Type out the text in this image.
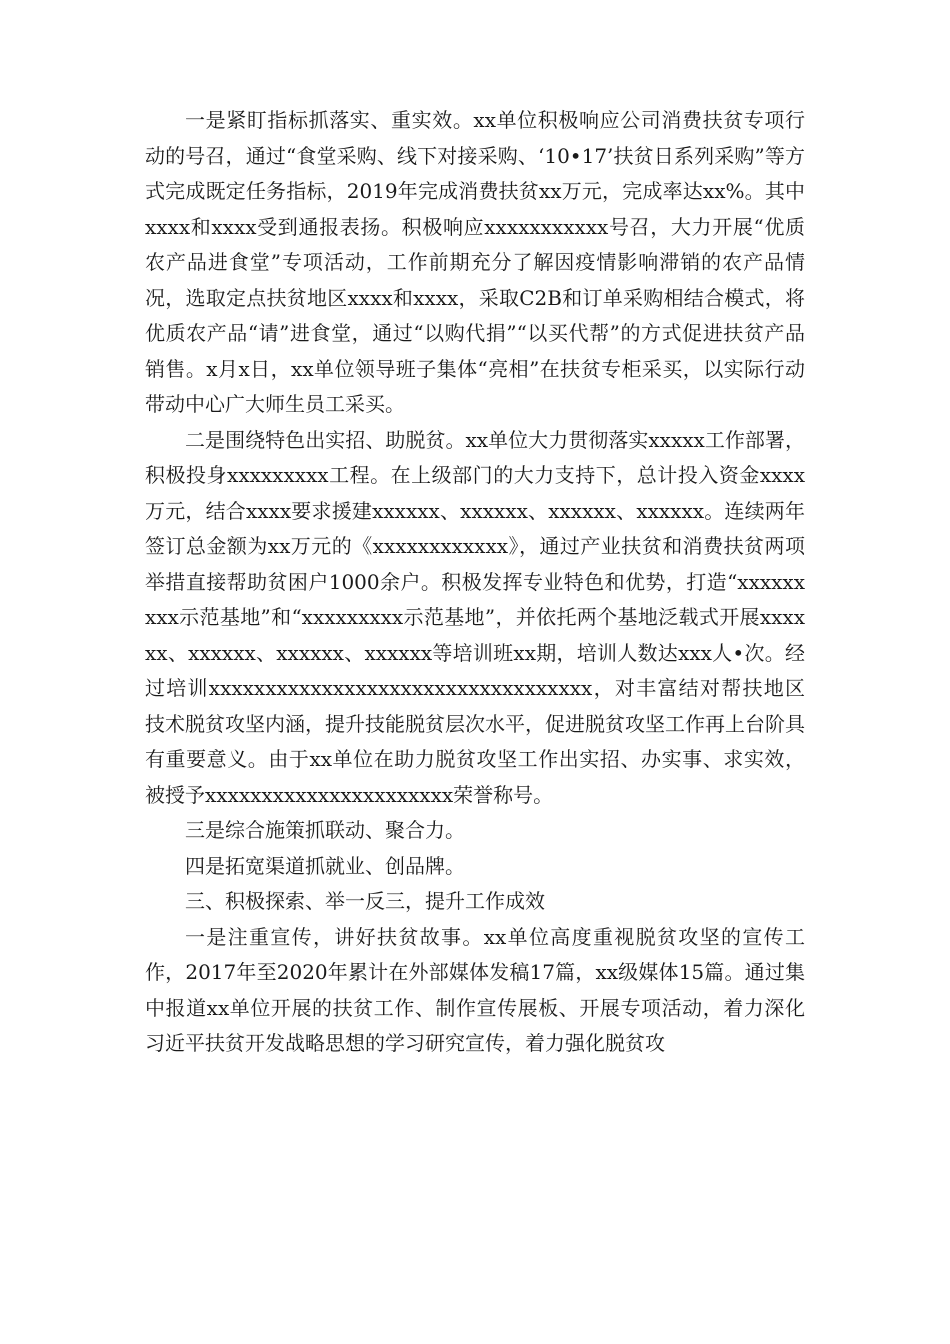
一是紧盯指标抓落实、重实效。xx单位积极响应公司消费扶贫专项行动的号召，通过“食堂采购、线下对接采购、‘10•17’扶贫日系列采购”等方式完成既定任务指标，2019年完成消费扶贫xx万元，完成率达xx%。其中xxxx和xxxx受到通报表扬。积极响应xxxxxxxxxxx号召，大力开展“优质农产品进食堂”专项活动，工作前期充分了解因疫情影响滞销的农产品情况，选取定点扶贫地区xxxx和xxxx，采取C2B和订单采购相结合模式，将优质农产品“请”进食堂，通过“以购代捐”“以买代帮”的方式促进扶贫产品销售。x月x日，xx单位领导班子集体“亮相”在扶贫专柜采买，以实际行动带动中心广大师生员工采买。

二是围绕特色出实招、助脱贫。xx单位大力贯彻落实xxxxx工作部署，积极投身xxxxxxxxx工程。在上级部门的大力支持下，总计投入资金xxxx万元，结合xxxx要求援建xxxxxx、xxxxxx、xxxxxx、xxxxxx。连续两年签订总金额为xx万元的《xxxxxxxxxxxx》，通过产业扶贫和消费扶贫两项举措直接帮助贫困户1000余户。积极发挥专业特色和优势，打造“xxxxxxxxx示范基地”和“xxxxxxxxx示范基地”，并依托两个基地泛载式开展xxxxxx、xxxxxx、xxxxxx、xxxxxx等培训班xx期，培训人数达xxx人•次。经过培训xxxxxxxxxxxxxxxxxxxxxxxxxxxxxxxxxx，对丰富结对帮扶地区技术脱贫攻坚内涵，提升技能脱贫层次水平，促进脱贫攻坚工作再上台阶具有重要意义。由于xx单位在助力脱贫攻坚工作出实招、办实事、求实效，被授予xxxxxxxxxxxxxxxxxxxxxx荣誉称号。

三是综合施策抓联动、聚合力。

四是拓宽渠道抓就业、创品牌。

三、积极探索、举一反三，提升工作成效

一是注重宣传，讲好扶贫故事。xx单位高度重视脱贫攻坚的宣传工作，2017年至2020年累计在外部媒体发稿17篇，xx级媒体15篇。通过集中报道xx单位开展的扶贫工作、制作宣传展板、开展专项活动，着力深化习近平扶贫开发战略思想的学习研究宣传，着力强化脱贫攻
